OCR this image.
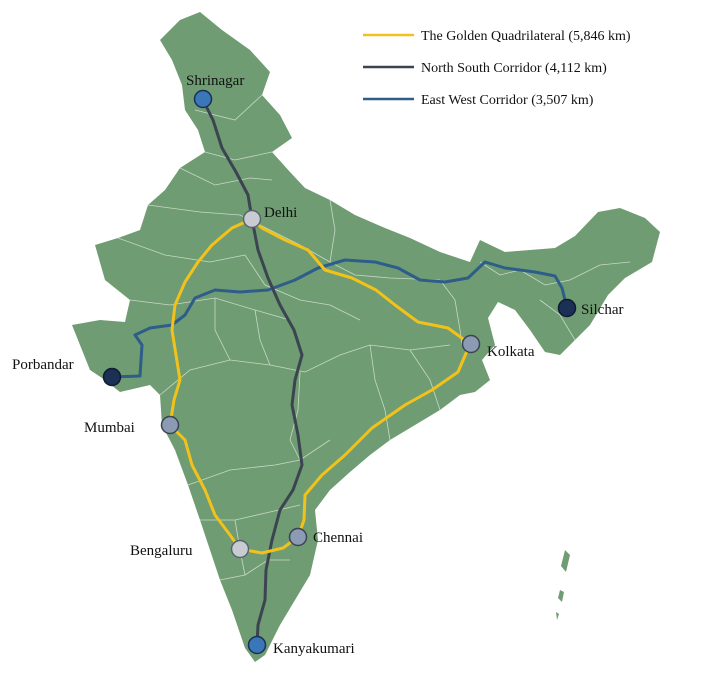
Shrinagar
Delhi
Silchar
Kolkata
Porbandar
Mumbai
Chennai
Bengaluru
Kanyakumari
The Golden Quadrilateral (5,846 km)
North South Corridor (4,112 km)
East West Corridor (3,507 km)
